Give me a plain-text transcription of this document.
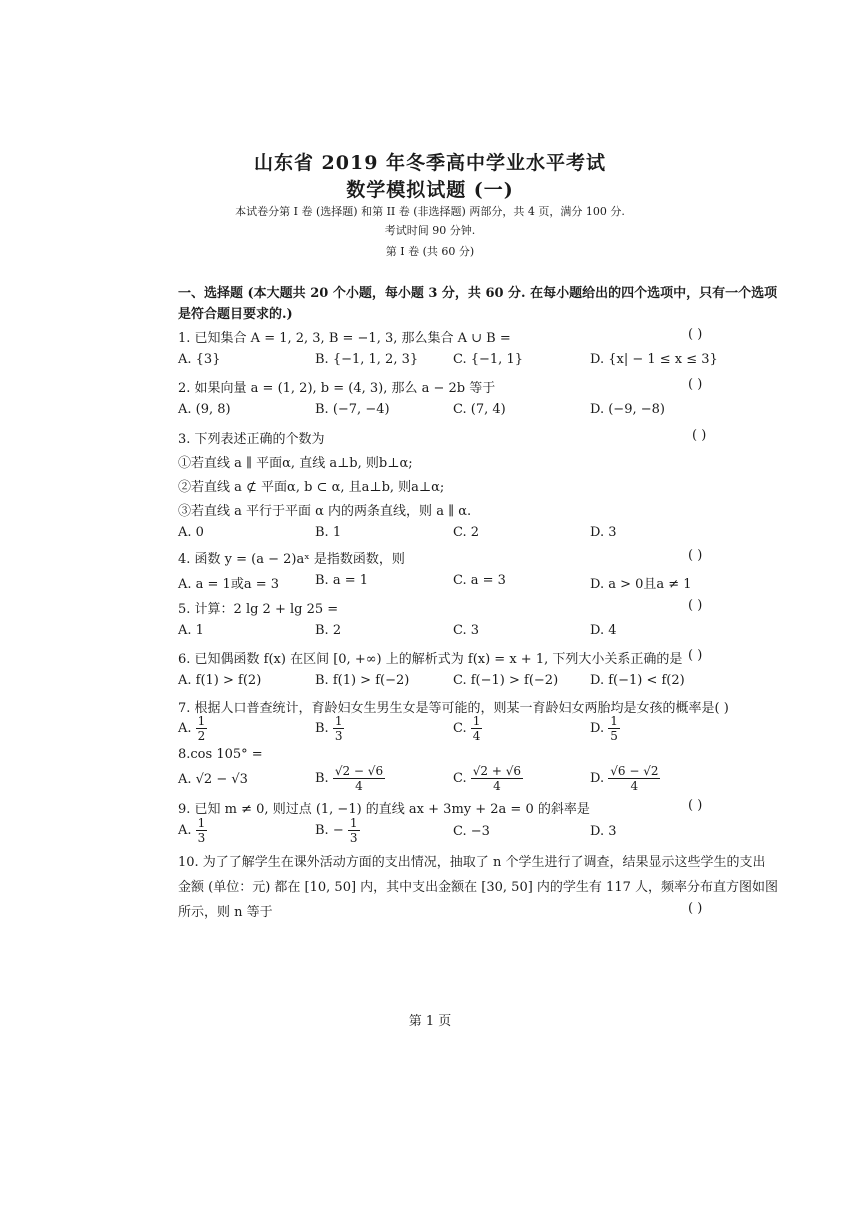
山东省 2019 年冬季高中学业水平考试
数学模拟试题 (一)
本试卷分第 I 卷 (选择题) 和第 II 卷 (非选择题) 两部分，共 4 页，满分 100 分.
考试时间 90 分钟.
第 I 卷 (共 60 分)
一、选择题 (本大题共 20 个小题，每小题 3 分，共 60 分. 在每小题给出的四个选项中，只有一个选项
是符合题目要求的.)
1. 已知集合 A = 1, 2, 3, B = −1, 3, 那么集合 A ∪ B =	( )
A. {3}	B. {−1, 1, 2, 3}	C. {−1, 1}	D. {x| − 1 ≤ x ≤ 3}
2. 如果向量 a = (1, 2), b = (4, 3), 那么 a − 2b 等于	( )
A. (9, 8)	B. (−7, −4)	C. (7, 4)	D. (−9, −8)
3. 下列表述正确的个数为	( )
①若直线 a ∥ 平面α, 直线 a⊥b, 则b⊥α;
②若直线 a ⊄ 平面α, b ⊂ α, 且a⊥b, 则a⊥α;
③若直线 a 平行于平面 α 内的两条直线，则 a ∥ α.
A. 0	B. 1	C. 2	D. 3
4. 函数 y = (a − 2)aˣ 是指数函数，则	( )
A. a = 1或a = 3	B. a = 1	C. a = 3	D. a > 0且a ≠ 1
5. 计算：2 lg 2 + lg 25 =	( )
A. 1	B. 2	C. 3	D. 4
6. 已知偶函数 f(x) 在区间 [0, +∞) 上的解析式为 f(x) = x + 1, 下列大小关系正确的是 ( )
A. f(1) > f(2)	B. f(1) > f(−2)	C. f(−1) > f(−2) D. f(−1) < f(2)
7. 根据人口普查统计，育龄妇女生男生女是等可能的，则某一育龄妇女两胎均是女孩的概率是( )
A. $\frac{1}{2}$	B. $\frac{1}{3}$	C. $\frac{1}{4}$	D. $\frac{1}{5}$
8.cos 105° =
A. √2 − √3	B. $\frac{√2 - √6}{4}$	C. $\frac{√2 + √6}{4}$	D. $\frac{√6 - √2}{4}$
9. 已知 m ≠ 0, 则过点 (1, −1) 的直线 ax + 3my + 2a = 0 的斜率是	( )
A. $\frac{1}{3}$	B. − $\frac{1}{3}$	C. −3	D. 3
10. 为了了解学生在课外活动方面的支出情况，抽取了 n 个学生进行了调查，结果显示这些学生的支出
金额 (单位：元) 都在 [10, 50] 内，其中支出金额在 [30, 50] 内的学生有 117 人，频率分布直方图如图
所示，则 n 等于	( )
第 1 页
